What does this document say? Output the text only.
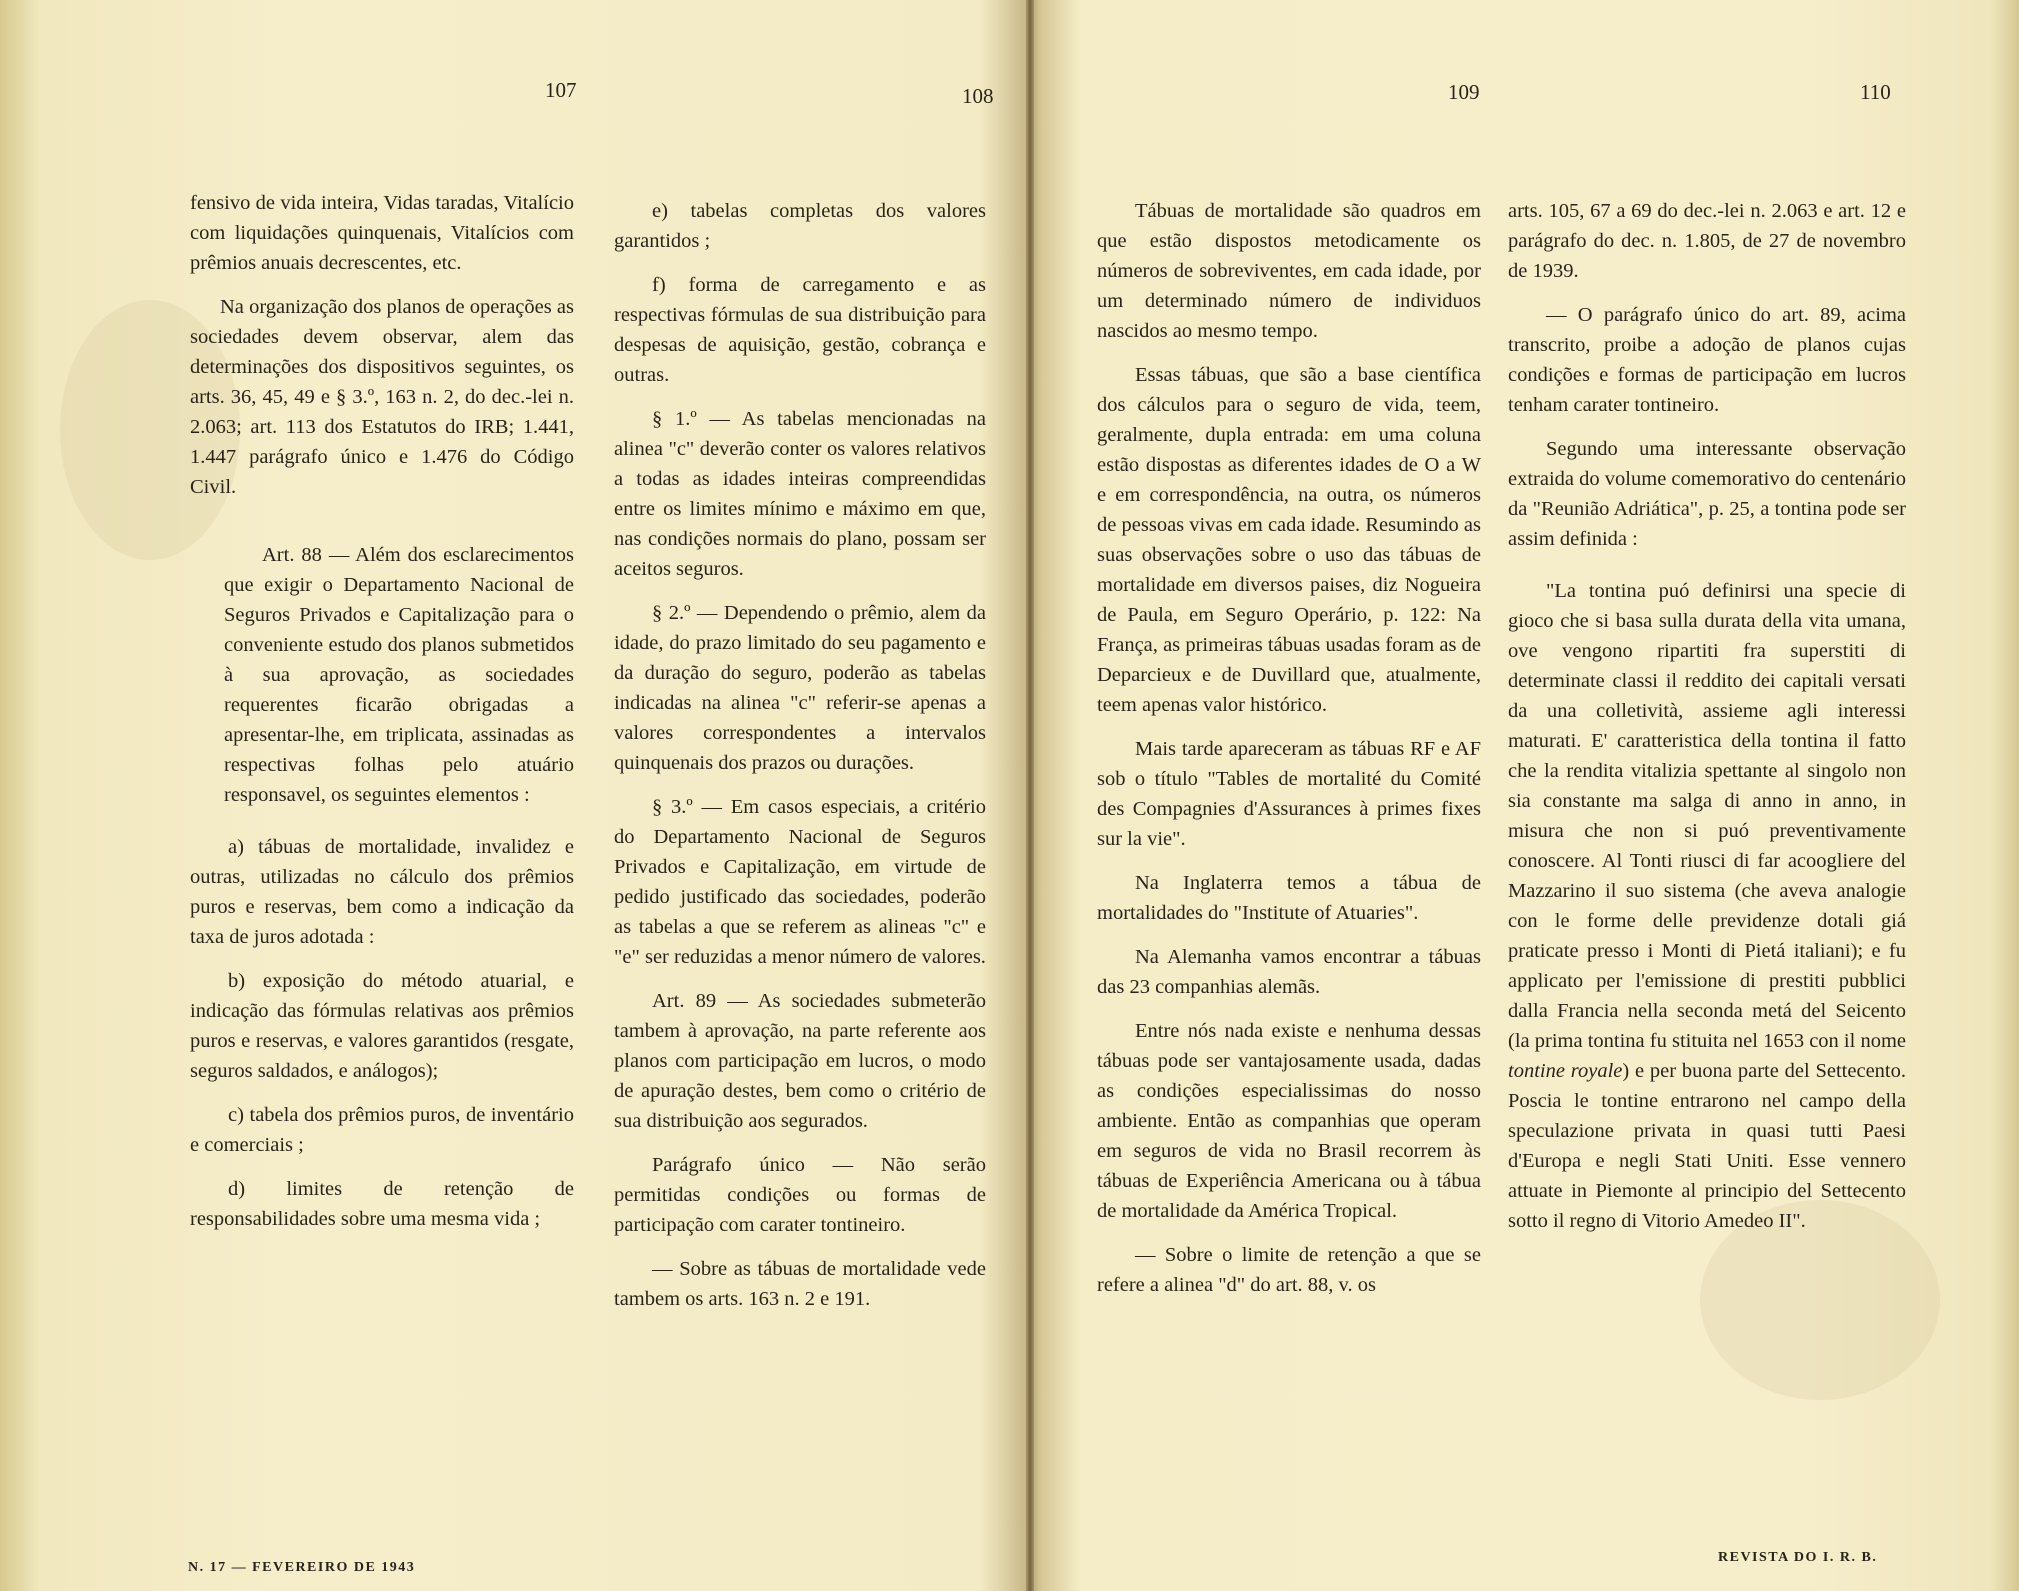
107	108	109	110

fensivo de vida inteira, Vidas taradas, Vitalício com liquidações quinquenais, Vitalícios com prêmios anuais decrescentes, etc.

Na organização dos planos de operações as sociedades devem observar, alem das determinações dos dispositivos seguintes, os arts. 36, 45, 49 e § 3.º, 163 n. 2, do dec.-lei n. 2.063; art. 113 dos Estatutos do IRB; 1.441, 1.447 parágrafo único e 1.476 do Código Civil.

Art. 88 — Além dos esclarecimentos que exigir o Departamento Nacional de Seguros Privados e Capitalização para o conveniente estudo dos planos submetidos à sua aprovação, as sociedades requerentes ficarão obrigadas a apresentar-lhe, em triplicata, assinadas as respectivas folhas pelo atuário responsavel, os seguintes elementos :

a) tábuas de mortalidade, invalidez e outras, utilizadas no cálculo dos prêmios puros e reservas, bem como a indicação da taxa de juros adotada :

b) exposição do método atuarial, e indicação das fórmulas relativas aos prêmios puros e reservas, e valores garantidos (resgate, seguros saldados, e análogos);

c) tabela dos prêmios puros, de inventário e comerciais ;

d) limites de retenção de responsabilidades sobre uma mesma vida ;

e) tabelas completas dos valores garantidos ;

f) forma de carregamento e as respectivas fórmulas de sua distribuição para despesas de aquisição, gestão, cobrança e outras.

§ 1.º — As tabelas mencionadas na alinea "c" deverão conter os valores relativos a todas as idades inteiras compreendidas entre os limites mínimo e máximo em que, nas condições normais do plano, possam ser aceitos seguros.

§ 2.º — Dependendo o prêmio, alem da idade, do prazo limitado do seu pagamento e da duração do seguro, poderão as tabelas indicadas na alinea "c" referir-se apenas a valores correspondentes a intervalos quinquenais dos prazos ou durações.

§ 3.º — Em casos especiais, a critério do Departamento Nacional de Seguros Privados e Capitalização, em virtude de pedido justificado das sociedades, poderão as tabelas a que se referem as alineas "c" e "e" ser reduzidas a menor número de valores.

Art. 89 — As sociedades submeterão tambem à aprovação, na parte referente aos planos com participação em lucros, o modo de apuração destes, bem como o critério de sua distribuição aos segurados.

Parágrafo único — Não serão permitidas condições ou formas de participação com carater tontineiro.

— Sobre as tábuas de mortalidade vede tambem os arts. 163 n. 2 e 191.

Tábuas de mortalidade são quadros em que estão dispostos metodicamente os números de sobreviventes, em cada idade, por um determinado número de individuos nascidos ao mesmo tempo.

Essas tábuas, que são a base científica dos cálculos para o seguro de vida, teem, geralmente, dupla entrada: em uma coluna estão dispostas as diferentes idades de O a W e em correspondência, na outra, os números de pessoas vivas em cada idade. Resumindo as suas observações sobre o uso das tábuas de mortalidade em diversos paises, diz Nogueira de Paula, em Seguro Operário, p. 122: Na França, as primeiras tábuas usadas foram as de Deparcieux e de Duvillard que, atualmente, teem apenas valor histórico.

Mais tarde apareceram as tábuas RF e AF sob o título "Tables de mortalité du Comité des Compagnies d'Assurances à primes fixes sur la vie".

Na Inglaterra temos a tábua de mortalidades do "Institute of Atuaries".

Na Alemanha vamos encontrar a tábuas das 23 companhias alemãs.

Entre nós nada existe e nenhuma dessas tábuas pode ser vantajosamente usada, dadas as condições especialissimas do nosso ambiente. Então as companhias que operam em seguros de vida no Brasil recorrem às tábuas de Experiência Americana ou à tábua de mortalidade da América Tropical.

— Sobre o limite de retenção a que se refere a alinea "d" do art. 88, v. os

arts. 105, 67 a 69 do dec.-lei n. 2.063 e art. 12 e parágrafo do dec. n. 1.805, de 27 de novembro de 1939.

— O parágrafo único do art. 89, acima transcrito, proibe a adoção de planos cujas condições e formas de participação em lucros tenham carater tontineiro.

Segundo uma interessante observação extraida do volume comemorativo do centenário da "Reunião Adriática", p. 25, a tontina pode ser assim definida :

"La tontina puó definirsi una specie di gioco che si basa sulla durata della vita umana, ove vengono ripartiti fra superstiti di determinate classi il reddito dei capitali versati da una colletività, assieme agli interessi maturati. E' caratteristica della tontina il fatto che la rendita vitalizia spettante al singolo non sia constante ma salga di anno in anno, in misura che non si puó preventivamente conoscere. Al Tonti riusci di far acoogliere del Mazzarino il suo sistema (che aveva analogie con le forme delle previdenze dotali giá praticate presso i Monti di Pietá italiani); e fu applicato per l'emissione di prestiti pubblici dalla Francia nella seconda metá del Seicento (la prima tontina fu stituita nel 1653 con il nome tontine royale) e per buona parte del Settecento. Poscia le tontine entrarono nel campo della speculazione privata in quasi tutti Paesi d'Europa e negli Stati Uniti. Esse vennero attuate in Piemonte al principio del Settecento sotto il regno di Vitorio Amedeo II".

N. 17 — FEVEREIRO DE 1943
REVISTA DO I. R. B.
